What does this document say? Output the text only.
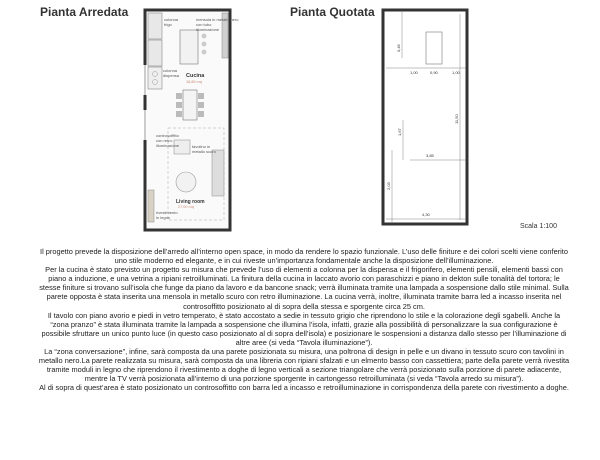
Pianta Arredata	Pianta Quotata
colonna frigo
mensola in metallo nero con tubo illuminazione
colonna dispensa Cucina
18,85 mq
tavolino in metallo scuro
controsoffitto con retro-illuminazione
Living room
27,00 mq
rivestimento in legno
1,00	0,90	1,00
0,45
1,67
2,03
3,85
4,30
11,50
Scala 1:100

Il progetto prevede la disposizione dell’arredo all’interno open space, in modo da rendere lo spazio funzionale. L’uso delle finiture e dei colori scelti viene conferito uno stile moderno ed elegante, e in cui riveste un’importanza fondamentale anche la disposizione dell’illuminazione.

Per la cucina è stato previsto un progetto su misura che prevede l’uso di elementi a colonna per la dispensa e il frigorifero, elementi pensili, elementi bassi con piano a induzione, e una vetrina a ripiani retroilluminati. La finitura della cucina in laccato avorio con paraschizzi e piano in dekton sulle tonalità del tortora; le stesse finiture si trovano sull’isola che funge da piano da lavoro e da bancone snack; verrà illuminata tramite una lampada a sospensione dallo stile minimal. Sulla parete opposta è stata inserita una mensola in metallo scuro con retro illuminazione. La cucina verrà, inoltre, illuminata tramite barra led a incasso inserita nel controsoffitto posizionato al di sopra della stessa e sporgente circa 25 cm.

Il tavolo con piano avorio e piedi in vetro temperato, è stato accostato a sedie in tessuto grigio che riprendono lo stile e la colorazione degli sgabelli. Anche la “zona pranzo” è stata illuminata tramite la lampada a sospensione che illumina l’isola, infatti, grazie alla possibilità di personalizzare la sua configurazione è possibile sfruttare un unico punto luce (in questo caso posizionato al di sopra dell’isola) e posizionare le sospensioni a distanza dallo stesso per l’illuminazione di altre aree (si veda “Tavola illuminazione”).

La “zona conversazione”, infine, sarà composta da una parete posizionata su misura, una poltrona di design in pelle e un divano in tessuto scuro con tavolini in metallo nero.La parete realizzata su misura, sarà composta da una libreria con ripiani sfalzati e un elmento basso con cassettiera; parte della parete verrà rivestita tramite moduli in legno che riprendono il rivestimento a doghe di legno verticali a sezione triangolare che verrà posizionato sulla porzione di parete adiacente, mentre la TV verrà posizionata all’interno di una porzione sporgente in cartongesso retroilluminata (si veda “Tavola arredo su misura”).

Al di sopra di quest’area è stato posizionato un controsoffitto con barra led a incasso e retroilluminazione in corrispondenza della parete con rivestimento a doghe.
